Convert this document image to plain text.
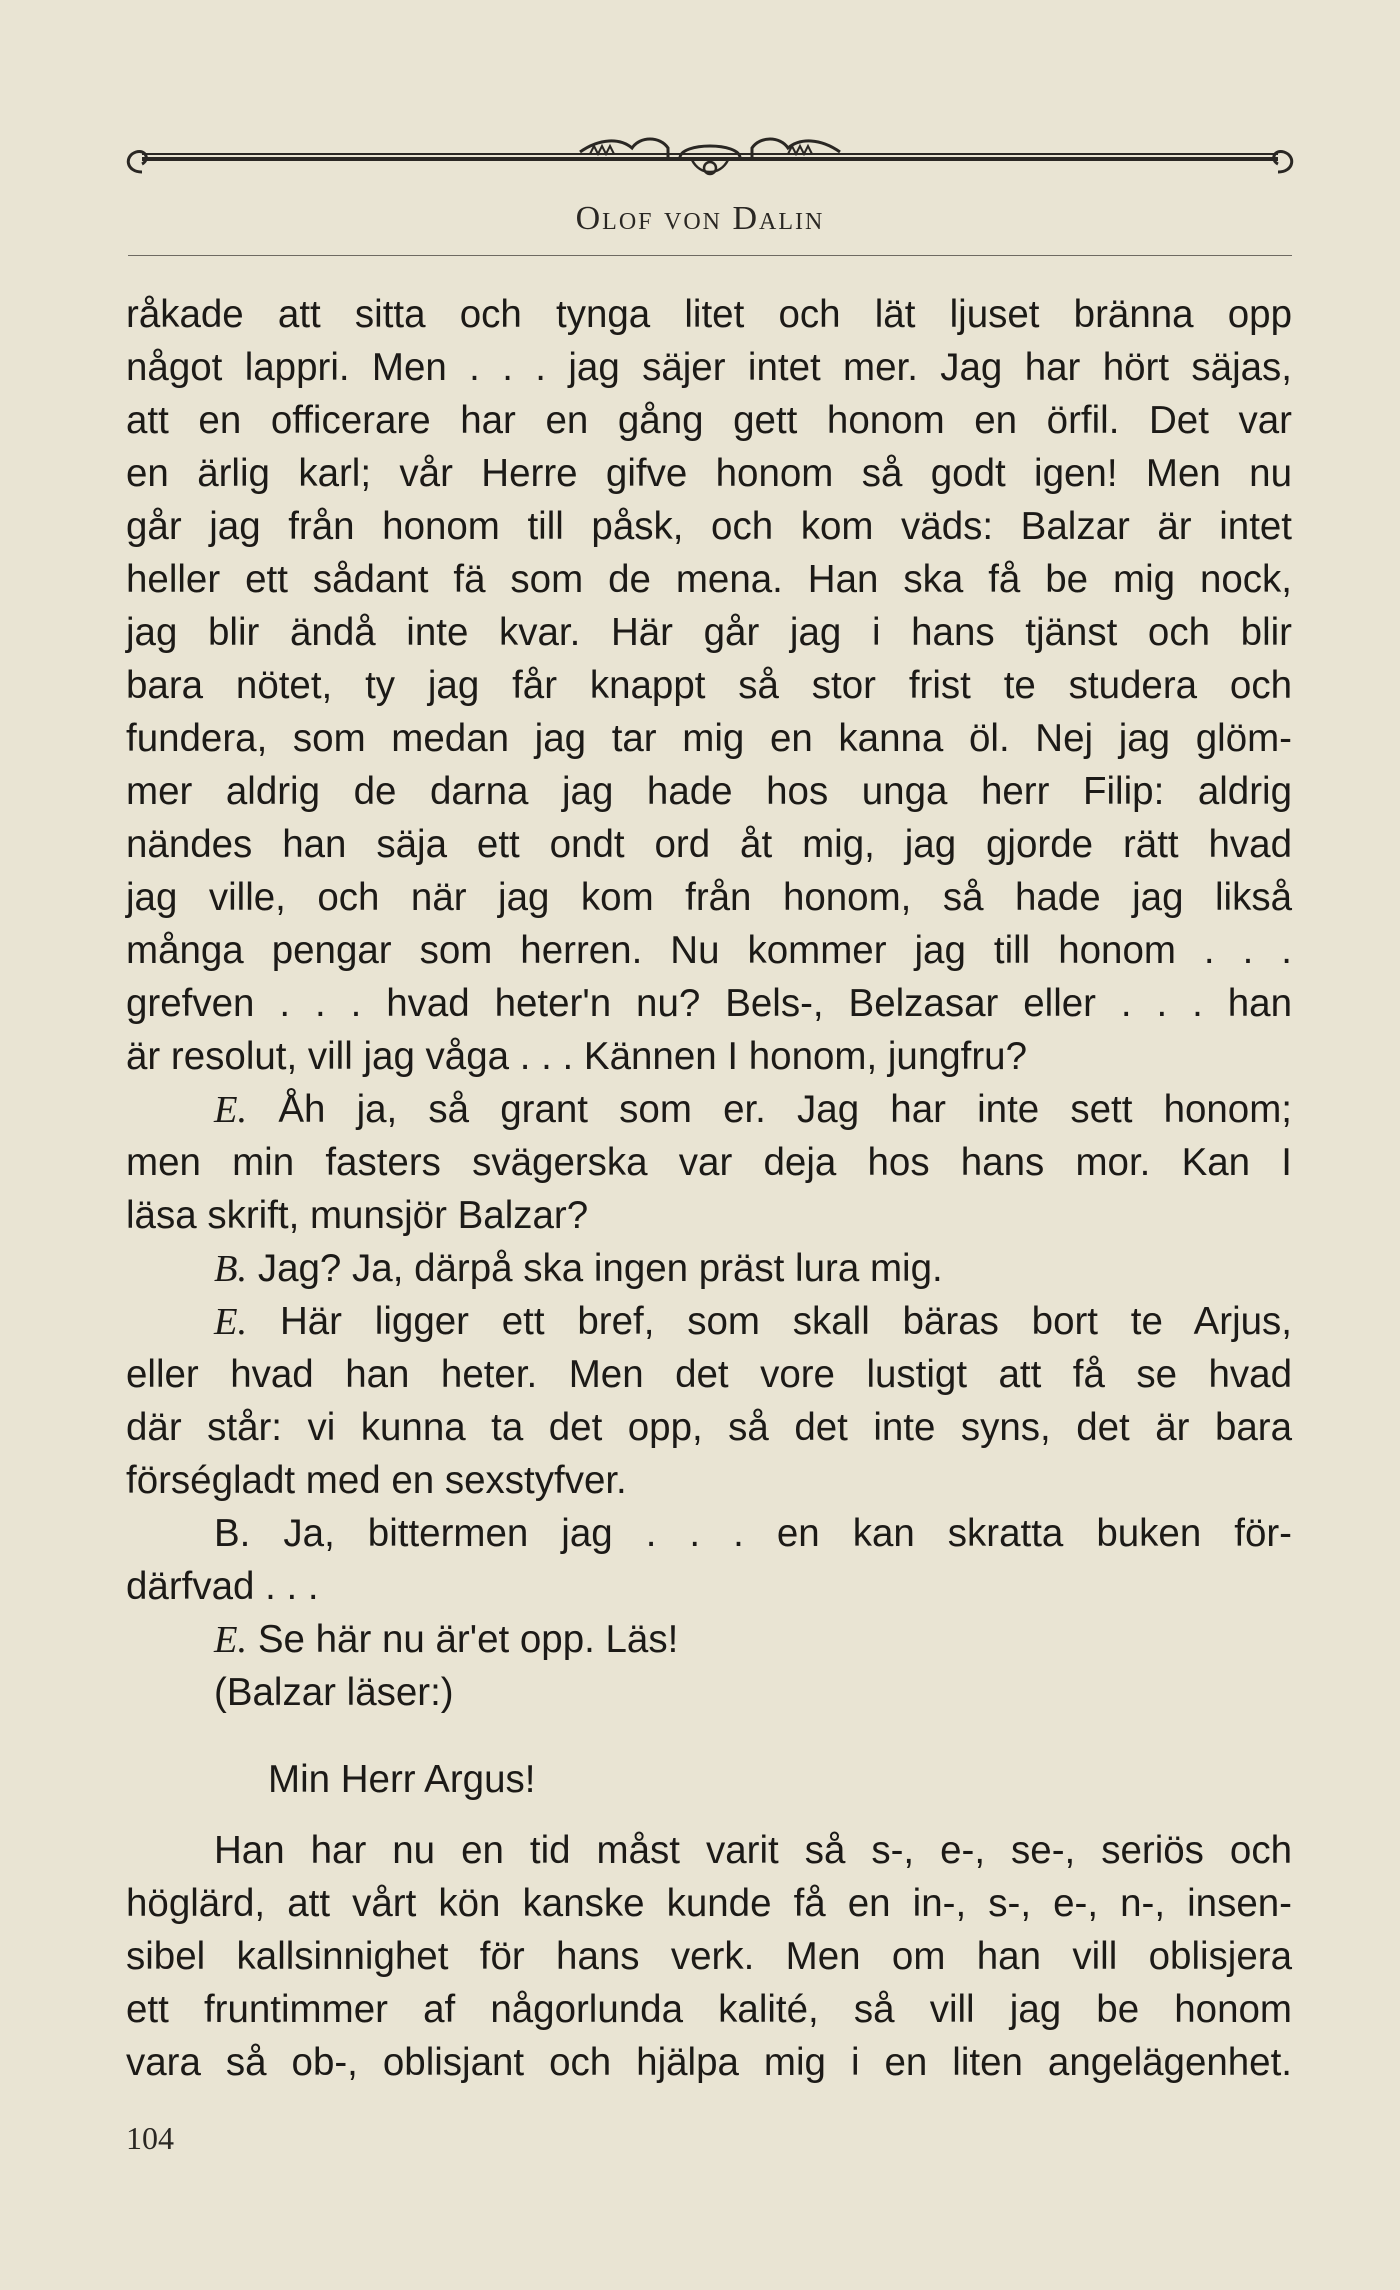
Olof von Dalin
råkade att sitta och tynga litet och lät ljuset bränna opp
något lappri. Men . . . jag säjer intet mer. Jag har hört säjas,
att en officerare har en gång gett honom en örfil. Det var
en ärlig karl; vår Herre gifve honom så godt igen! Men nu
går jag från honom till påsk, och kom väds: Balzar är intet
heller ett sådant fä som de mena. Han ska få be mig nock,
jag blir ändå inte kvar. Här går jag i hans tjänst och blir
bara nötet, ty jag får knappt så stor frist te studera och
fundera, som medan jag tar mig en kanna öl. Nej jag glöm-
mer aldrig de darna jag hade hos unga herr Filip: aldrig
nändes han säja ett ondt ord åt mig, jag gjorde rätt hvad
jag ville, och när jag kom från honom, så hade jag likså
många pengar som herren. Nu kommer jag till honom . . .
grefven . . . hvad heter'n nu? Bels-, Belzasar eller . . . han
är resolut, vill jag våga . . . Kännen I honom, jungfru?
E. Åh ja, så grant som er. Jag har inte sett honom;
men min fasters svägerska var deja hos hans mor. Kan I
läsa skrift, munsjör Balzar?
B. Jag? Ja, därpå ska ingen präst lura mig.
E. Här ligger ett bref, som skall bäras bort te Arjus,
eller hvad han heter. Men det vore lustigt att få se hvad
där står: vi kunna ta det opp, så det inte syns, det är bara
förségladt med en sexstyfver.
B. Ja, bittermen jag . . . en kan skratta buken för-
därfvad . . .
E. Se här nu är'et opp. Läs!
(Balzar läser:)
Min Herr Argus!
Han har nu en tid måst varit så s-, e-, se-, seriös och
höglärd, att vårt kön kanske kunde få en in-, s-, e-, n-, insen-
sibel kallsinnighet för hans verk. Men om han vill oblisjera
ett fruntimmer af någorlunda kalité, så vill jag be honom
vara så ob-, oblisjant och hjälpa mig i en liten angelägenhet.
104
